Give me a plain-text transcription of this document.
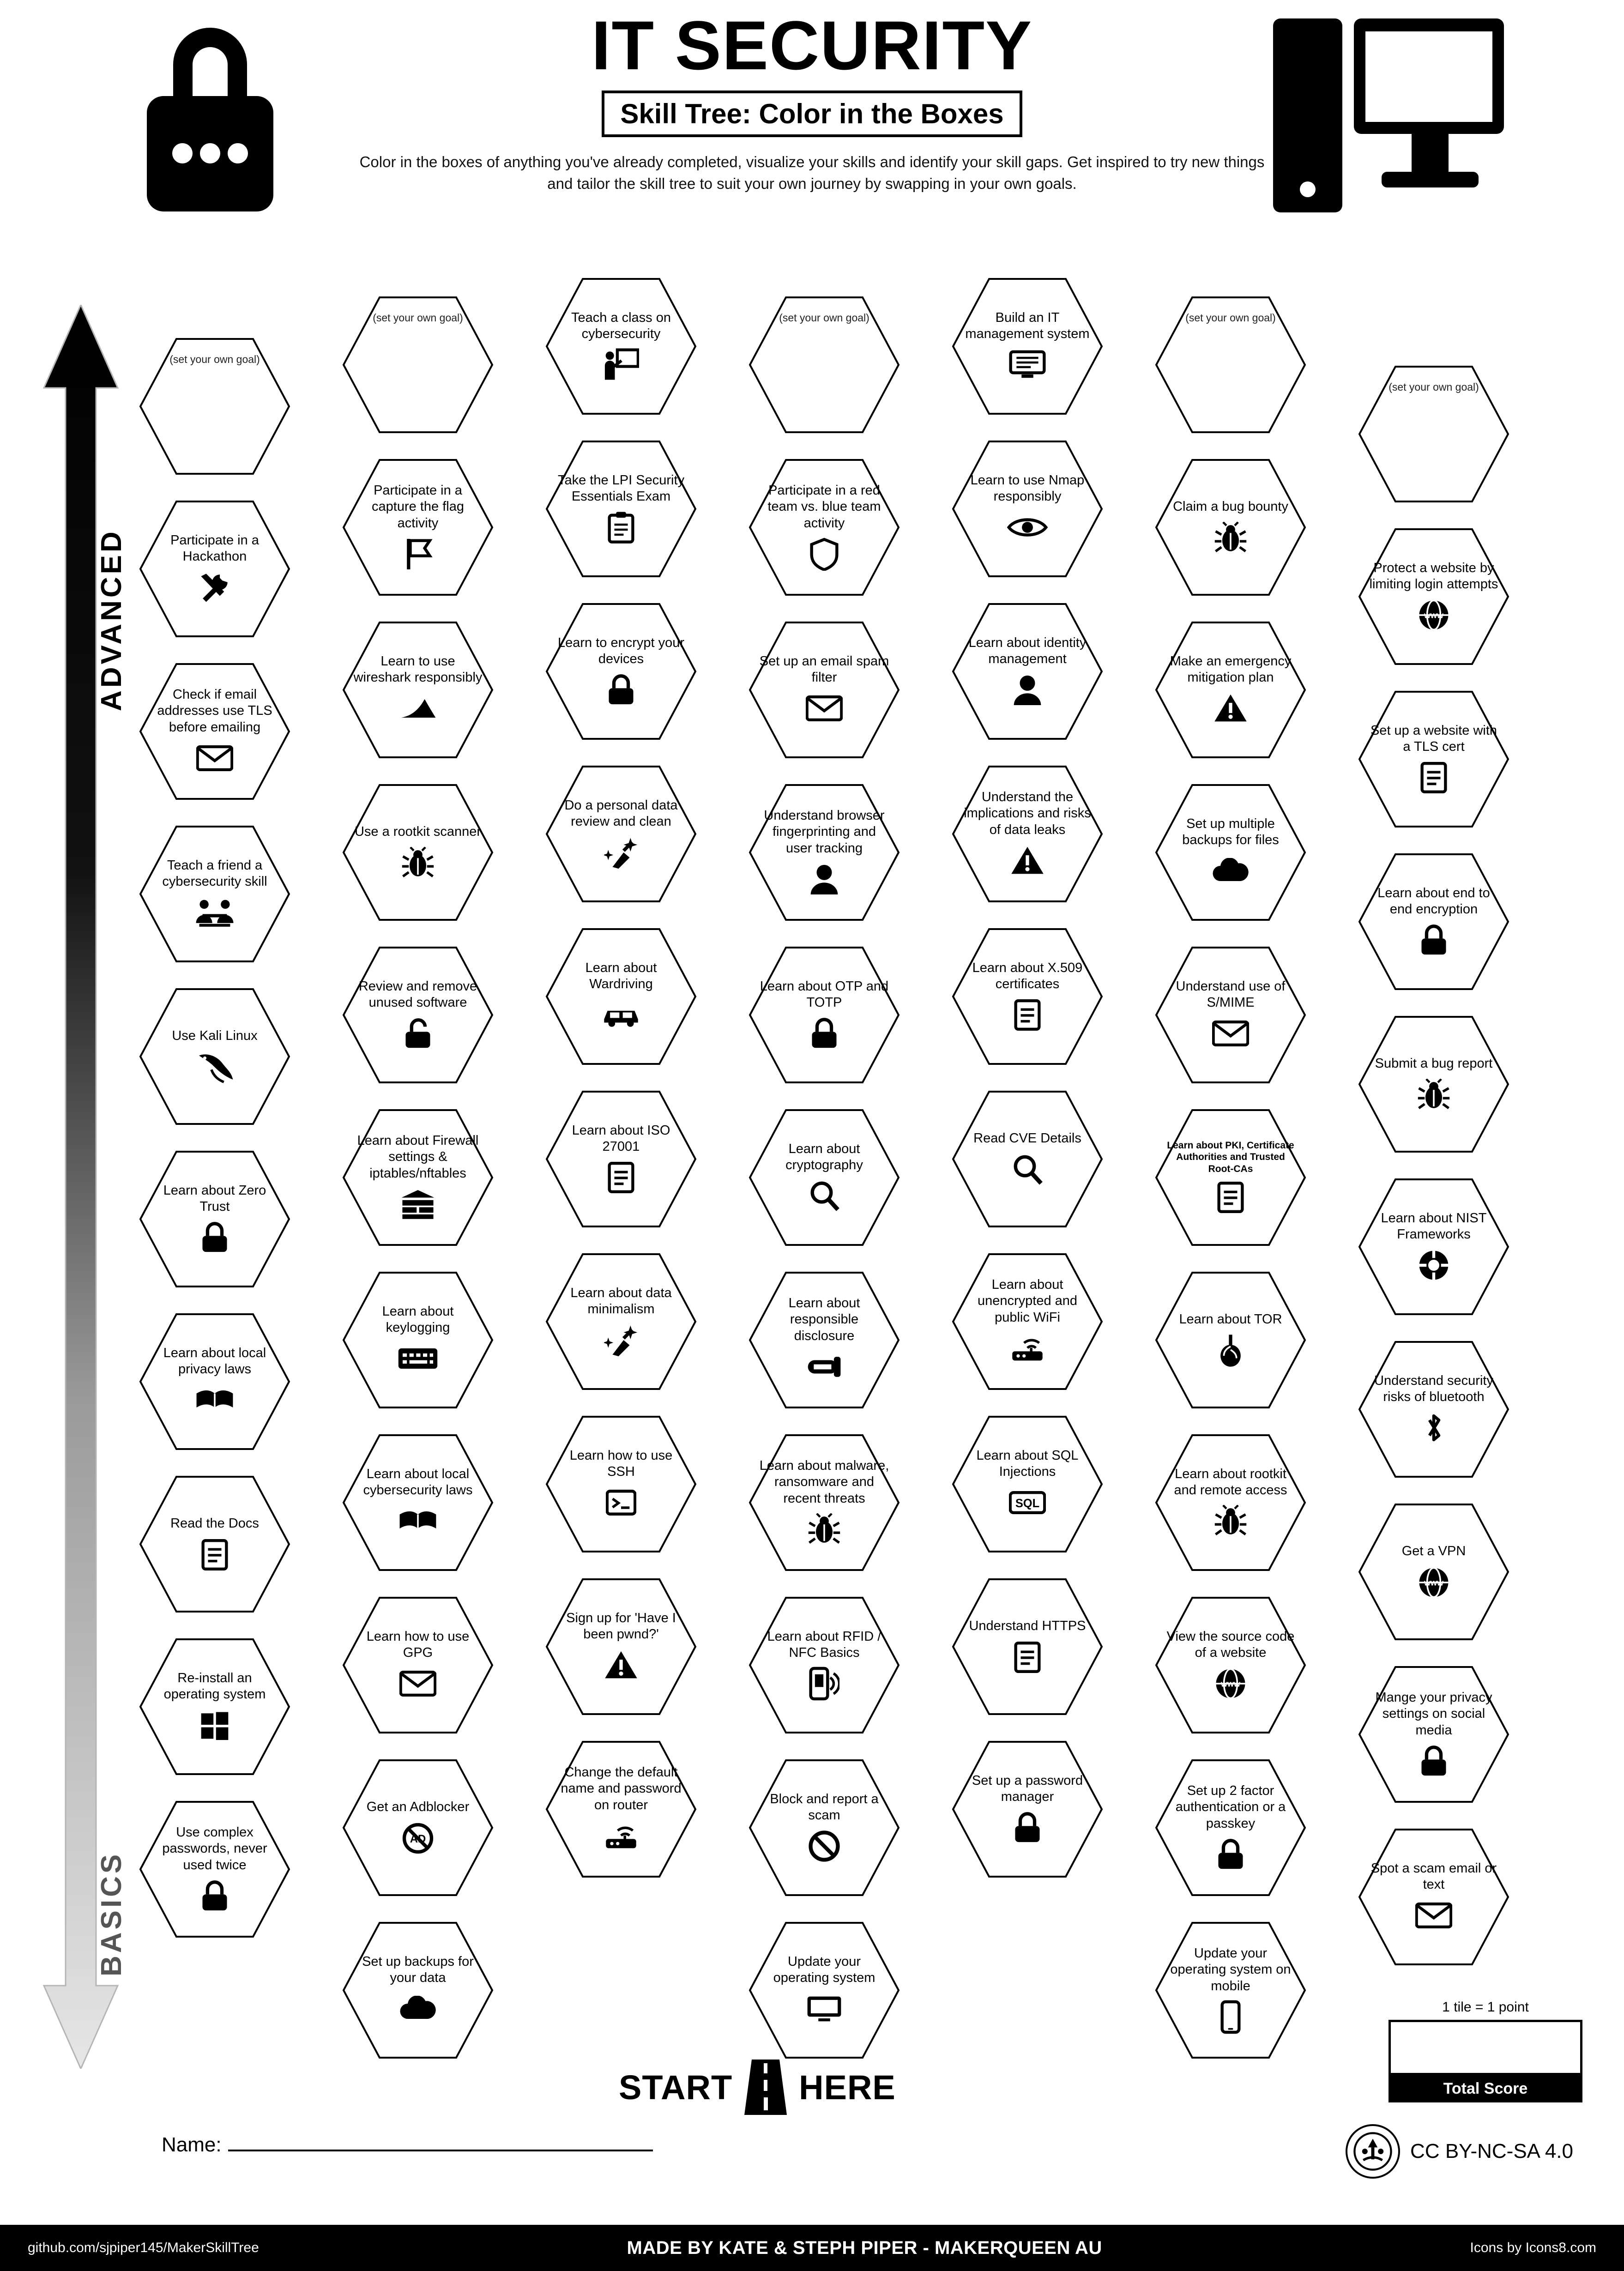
IT SECURITY
Skill Tree: Color in the Boxes

Color in the boxes of anything you've already completed, visualize your skills and identify your skill gaps. Get inspired to try new things and tailor the skill tree to suit your own journey by swapping in your own goals.

ADVANCED
BASICS
(set your own goal)
Participate in a Hackathon
Check if email addresses use TLS before emailing
Teach a friend a cybersecurity skill
Use Kali Linux
Learn about Zero Trust
Learn about local privacy laws
Read the Docs
Re-install an operating system
Use complex passwords, never used twice
(set your own goal)
Participate in a capture the flag activity
Learn to use wireshark responsibly
Use a rootkit scanner
Review and remove unused software
Learn about Firewall settings & iptables/nftables
Learn about keylogging
Learn about local cybersecurity laws
Learn how to use GPG
Get an Adblocker
AD
Set up backups for your data
Teach a class on cybersecurity
Take the LPI Security Essentials Exam
Learn to encrypt your devices
Do a personal data review and clean
Learn about Wardriving
Learn about ISO 27001
Learn about data minimalism
Learn how to use SSH
Sign up for 'Have I been pwnd?'
Change the default name and password on router
(set your own goal)
Participate in a red team vs. blue team activity
Set up an email spam filter
Understand browser fingerprinting and user tracking
Learn about OTP and TOTP
Learn about cryptography
Learn about responsible disclosure
Learn about malware, ransomware and recent threats
Learn about RFID / NFC Basics
Block and report a scam
Update your operating system
Build an IT management system
Learn to use Nmap responsibly
Learn about identity management
Understand the implications and risks of data leaks
Learn about X.509 certificates
Read CVE Details
Learn about unencrypted and public WiFi
Learn about SQL Injections
SQL
Understand HTTPS
Set up a password manager
(set your own goal)
Claim a bug bounty
Make an emergency mitigation plan
Set up multiple backups for files
Understand use of S/MIME
Learn about PKI, Certificate Authorities and Trusted Root-CAs
Learn about TOR
Learn about rootkit and remote access
View the source code of a website
www
Set up 2 factor authentication or a passkey
Update your operating system on mobile
(set your own goal)
Protect a website by limiting login attempts
www
Set up a website with a TLS cert
Learn about end to end encryption
Submit a bug report
Learn about NIST Frameworks
Understand security risks of bluetooth
Get a VPN
www
Mange your privacy settings on social media
Spot a scam email or text
START HERE
1 tile = 1 point
Total Score
Name:	CC BY-NC-SA 4.0
github.com/sjpiper145/MakerSkillTree	MADE BY KATE & STEPH PIPER - MAKERQUEEN AU	Icons by Icons8.com
